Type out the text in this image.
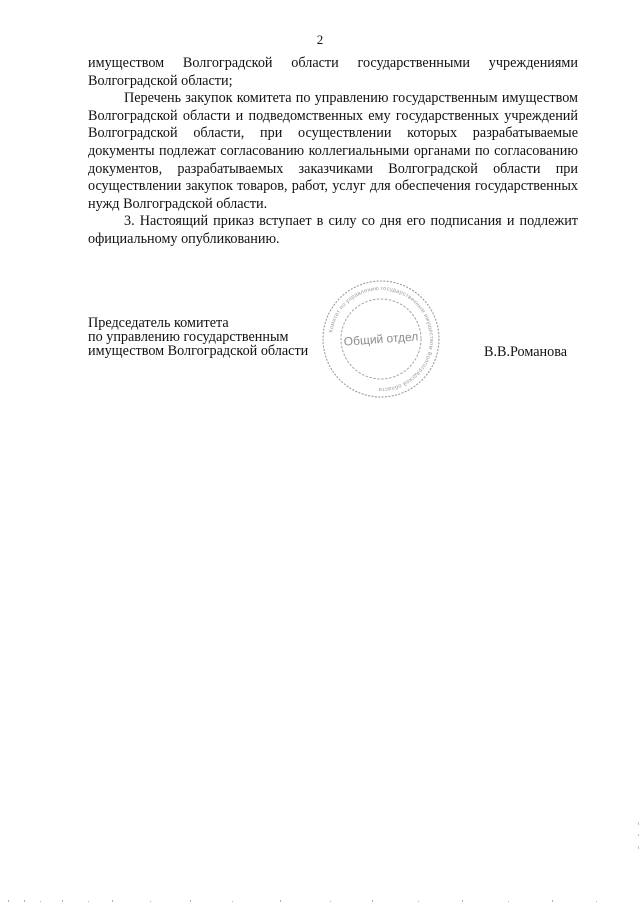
2

имуществом Волгоградской области государственными учреждениями Волгоградской области;

Перечень закупок комитета по управлению государственным имуществом Волгоградской области и подведомственных ему государственных учреждений Волгоградской области, при осуществлении которых разрабатываемые документы подлежат согласованию коллегиальными органами по согласованию документов, разрабатываемых заказчиками Волгоградской области при осуществлении закупок товаров, работ, услуг для обеспечения государственных нужд Волгоградской области.

3. Настоящий приказ вступает в силу со дня его подписания и подлежит официальному опубликованию.

Председатель комитета
по управлению государственным
имуществом Волгоградской области
Комитет по управлению государственным имуществом Волгоградской области
Общий отдел
В.В.Романова
